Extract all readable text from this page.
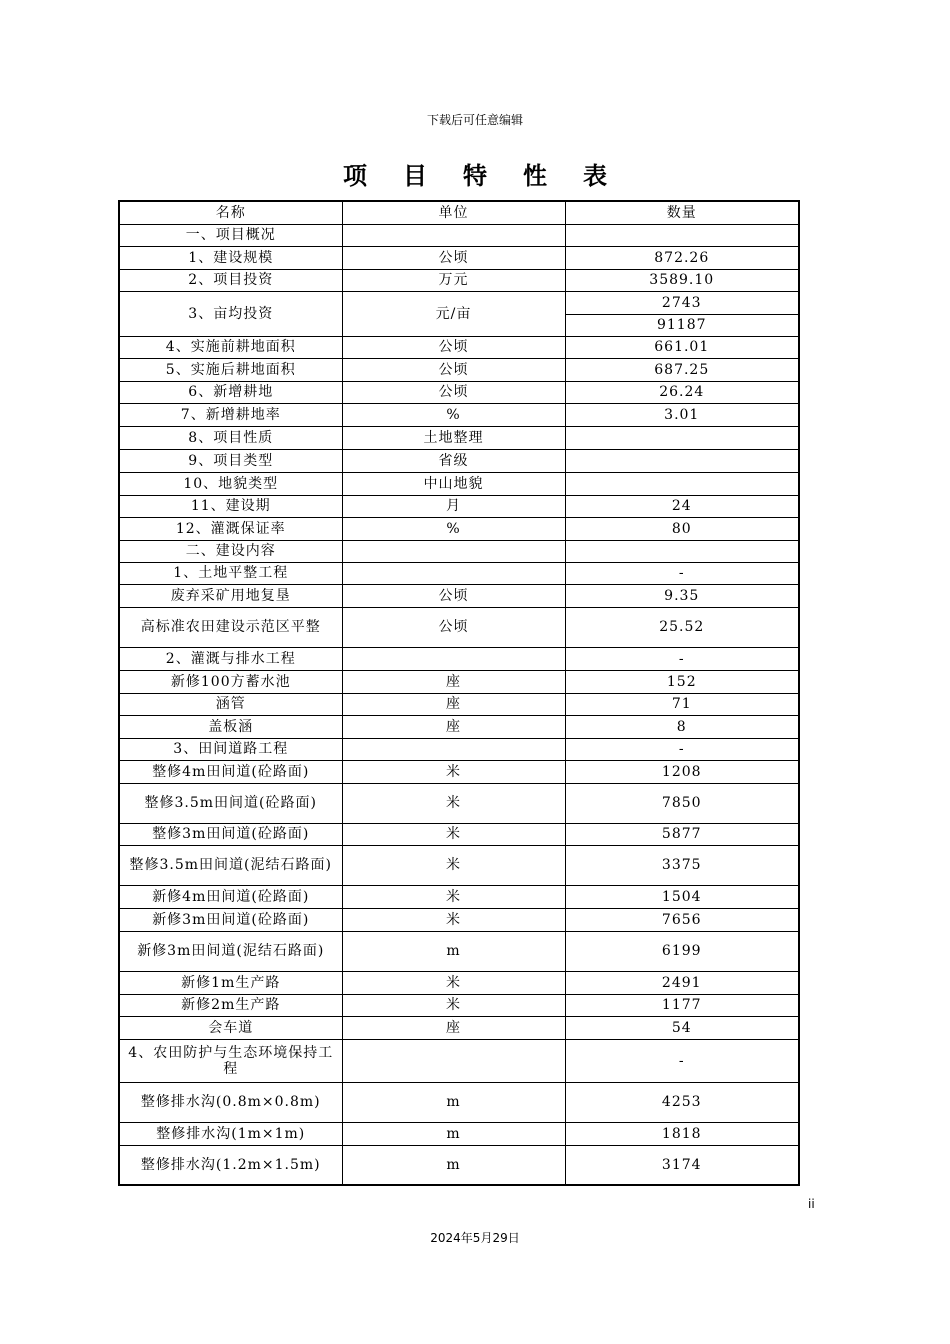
下载后可任意编辑
项目特性表
名称	单位	数量
一、项目概况		
1、建设规模	公顷	872.26
2、项目投资	万元	3589.10
3、亩均投资	元/亩	2743
		91187
4、实施前耕地面积	公顷	661.01
5、实施后耕地面积	公顷	687.25
6、新增耕地	公顷	26.24
7、新增耕地率	%	3.01
8、项目性质	土地整理	
9、项目类型	省级	
10、地貌类型	中山地貌	
11、建设期	月	24
12、灌溉保证率	%	80
二、建设内容		
1、土地平整工程		-
废弃采矿用地复垦	公顷	9.35
高标准农田建设示范区平整	公顷	25.52
2、灌溉与排水工程		-
新修100方蓄水池	座	152
涵管	座	71
盖板涵	座	8
3、田间道路工程		-
整修4m田间道(砼路面)	米	1208
整修3.5m田间道(砼路面)	米	7850
整修3m田间道(砼路面)	米	5877
整修3.5m田间道(泥结石路面)	米	3375
新修4m田间道(砼路面)	米	1504
新修3m田间道(砼路面)	米	7656
新修3m田间道(泥结石路面)	m	6199
新修1m生产路	米	2491
新修2m生产路	米	1177
会车道	座	54
4、农田防护与生态环境保持工程		-
整修排水沟(0.8m×0.8m)	m	4253
整修排水沟(1m×1m)	m	1818
整修排水沟(1.2m×1.5m)	m	3174
ii
2024年5月29日
